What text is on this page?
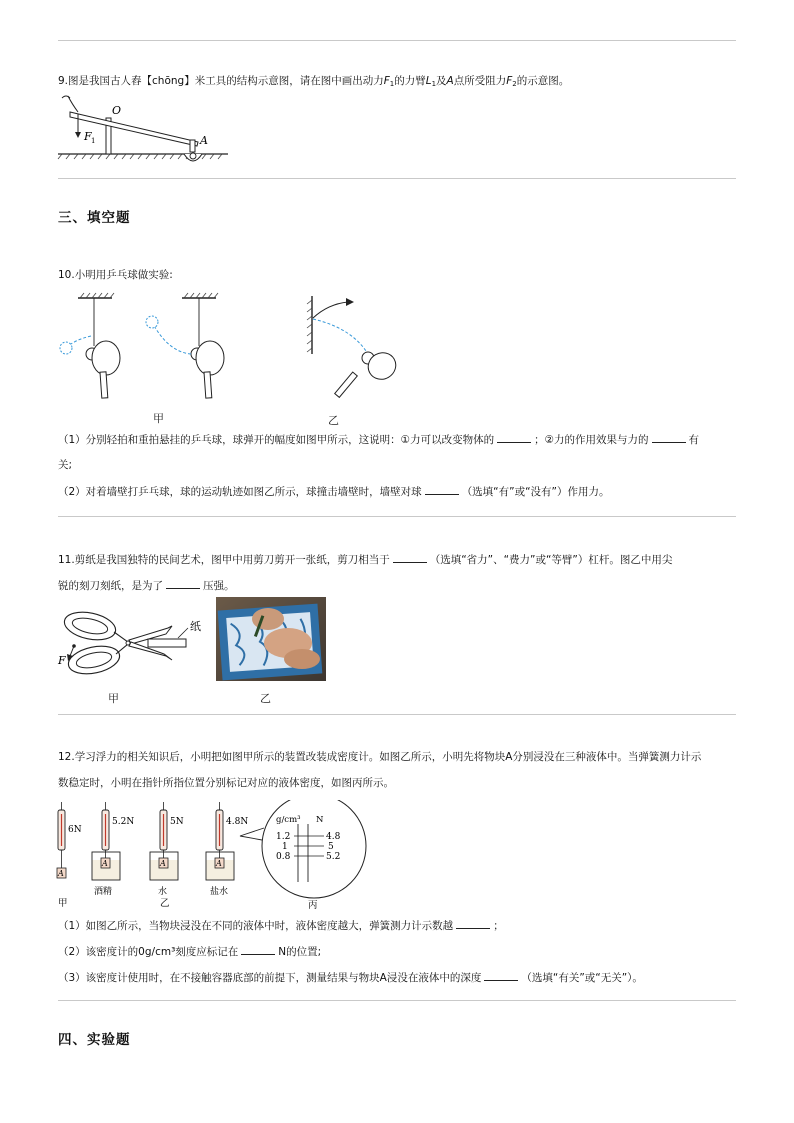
9.图是我国古人舂【chōng】米工具的结构示意图，请在图中画出动力$F_1$的力臂$L_1$及A点所受阻力$F_2$的示意图。
F 1
O
A
三、填空题
10.小明用乒乓球做实验:
甲	乙
（1）分别轻拍和重拍悬挂的乒乓球，球弹开的幅度如图甲所示，这说明：①力可以改变物体的	；②力的作用效果与力的	有
关;
（2）对着墙壁打乒乓球，球的运动轨迹如图乙所示，球撞击墙壁时，墙壁对球	（选填“有”或“没有”）作用力。
11.剪纸是我国独特的民间艺术，图甲中用剪刀剪开一张纸，剪刀相当于	（选填“省力”、“费力”或“等臂”）杠杆。图乙中用尖
锐的刻刀刻纸，是为了	压强。
纸
F
甲	乙
12.学习浮力的相关知识后，小明把如图甲所示的装置改装成密度计。如图乙所示，小明先将物块A分别浸没在三种液体中。当弹簧测力计示
数稳定时，小明在指针所指位置分别标记对应的液体密度，如图丙所示。
A
6N
A
5.2N
酒精
A
5N
水
A
4.8N
盐水
g/cm³ N
1.2
1
0.8
4.8
5
5.2
甲	乙	丙
（1）如图乙所示，当物块浸没在不同的液体中时，液体密度越大，弹簧测力计示数越	；
（2）该密度计的0g/cm³刻度应标记在	N的位置;
（3）该密度计使用时，在不接触容器底部的前提下，测量结果与物块A浸没在液体中的深度	（选填“有关”或“无关”）。
四、实验题
